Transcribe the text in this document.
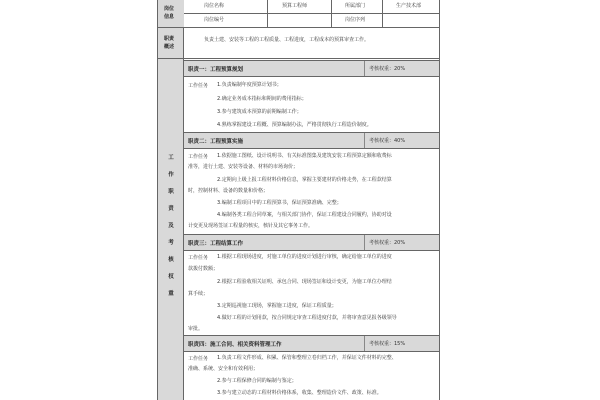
岗位
信息
岗位名称	预算工程师	所属部门	生产技术部
岗位编号	岗位序列
职责
概述
负责土建、安装等工程的工程质量、工程进度，工程成本的预算审查工作。
工
作
职
责
及
考
核
权
重
职责一：工程预算规划	考核权重：20%
工作任务 1.负责编制年度预算计划书；
2.确定业务成本指标和期间的费用指标；
3.参与建筑成本预算的前期编制工作；
4.熟练掌握建设工程概、预算编制办法，严格贯彻执行工程造价制度。
职责二：工程预算实施	考核权重：40%
工作任务 1.依据施工图纸、设计说明书、有关标准图集及建筑安装工程预算定额和收费标
准等，进行土建、安装等设备、材料的市场询价；
2.定期向上级上报工程材料价格信息，掌握主要建材的价格走势，在工程款结算
时，控制材料、设备的数量和价格；
3.编制工程项目中的工程预算书，保证预算准确、完整；
4.编制各类工程合同草案，与相关部门协作，保证工程建设合同履约，协助对设
计变更及现场签证工程量的核实，核针及其它事务工作。
职责三：工程结算工作	考核权重：20%
工作任务 1.根据工程现场进度，对施工单位的进度计划进行审核，确定给施工单位的进度
款拨付数额；
2.根据工程验收相关证明、承包合同、现场签证和设计变更，为施工单位办理结
算手续；
3.定期巡视施工现场，掌握施工进度，保证工程质量；
4.做好工程的计划用款，按合同规定审查工程进度付款，并将审查意见报各级领导
审批。
职责四：施工合同、相关资料管理工作	考核权重：15%
工作任务 1.负责工程文件形成、积累、保管和整理立卷归档工作，并保证文件材料的完整、
准确、系统、安全和有效利用；
2.参与工程保修合同的编制与鉴定；
3.参与建立动态的工程材料价格体系，收集、整理造价文件、政策、标准。
